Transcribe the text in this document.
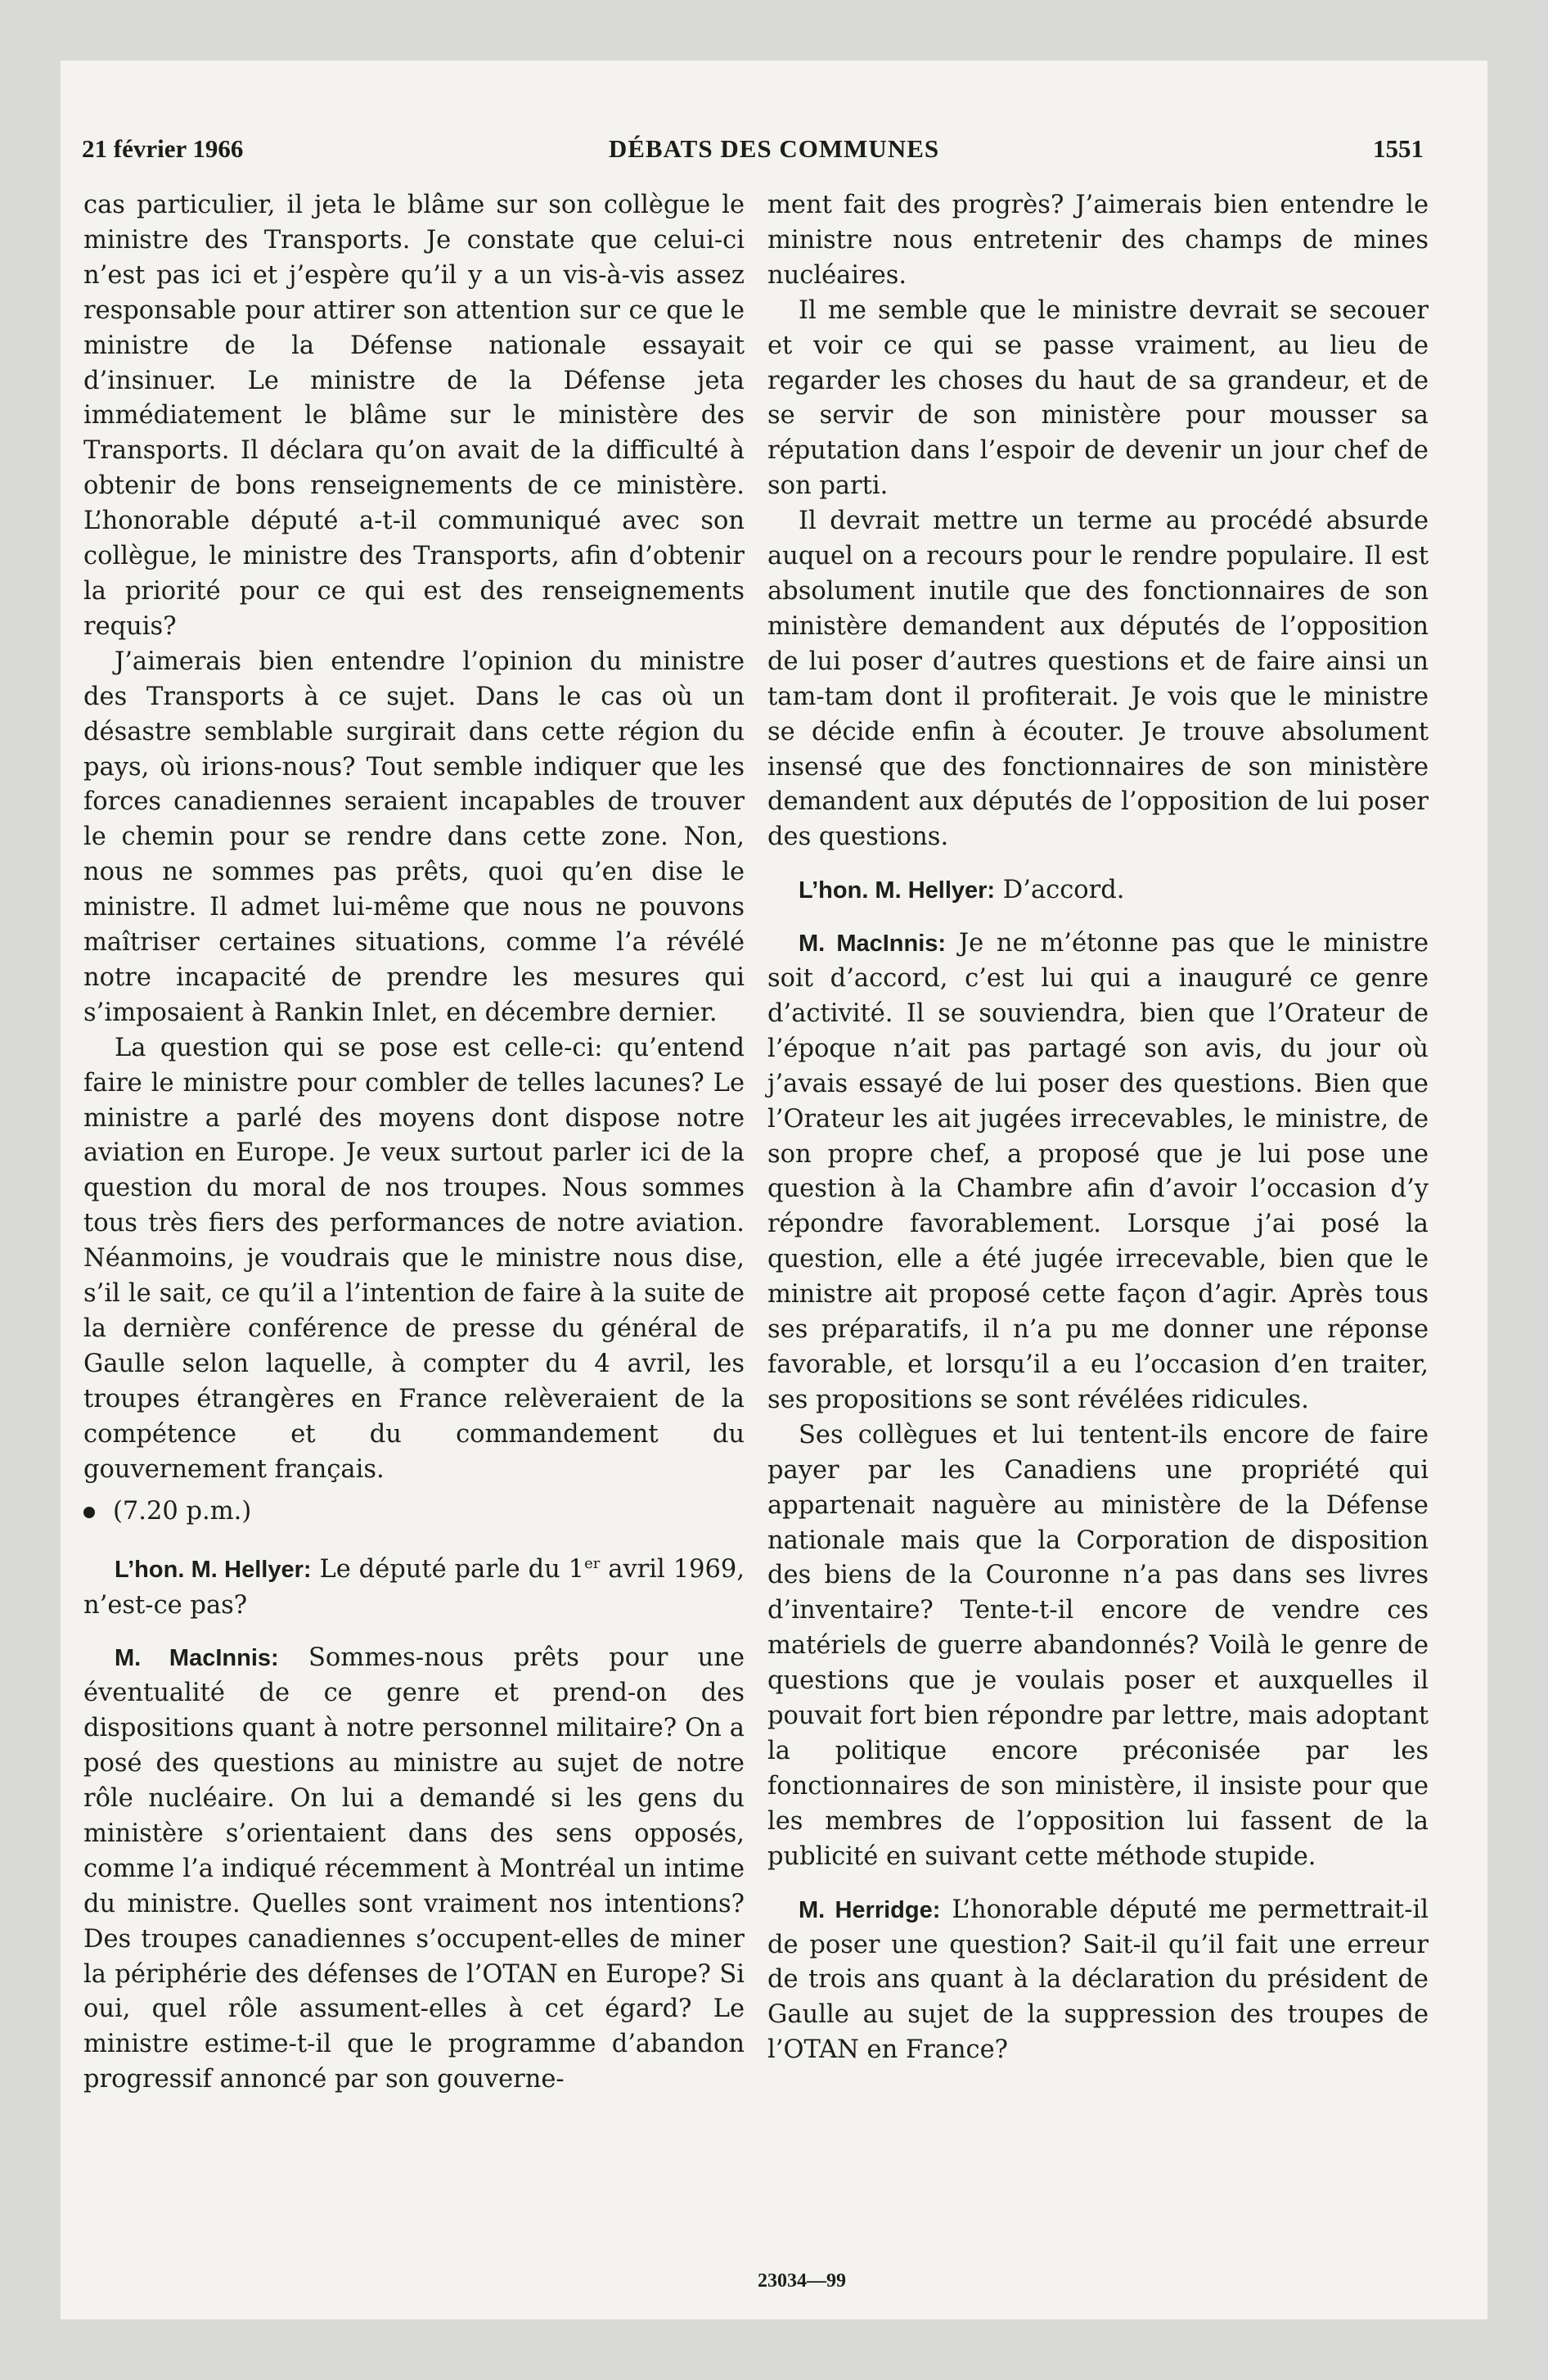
21 février 1966	DÉBATS DES COMMUNES	1551

cas particulier, il jeta le blâme sur son collègue le ministre des Transports. Je constate que celui-ci n’est pas ici et j’espère qu’il y a un vis-à-vis assez responsable pour attirer son attention sur ce que le ministre de la Défense nationale essayait d’insinuer. Le ministre de la Défense jeta immédiatement le blâme sur le ministère des Transports. Il déclara qu’on avait de la difficulté à obtenir de bons renseignements de ce ministère. L’honorable député a-t-il communiqué avec son collègue, le ministre des Transports, afin d’obtenir la priorité pour ce qui est des renseignements requis?

J’aimerais bien entendre l’opinion du ministre des Transports à ce sujet. Dans le cas où un désastre semblable surgirait dans cette région du pays, où irions-nous? Tout semble indiquer que les forces canadiennes seraient incapables de trouver le chemin pour se rendre dans cette zone. Non, nous ne sommes pas prêts, quoi qu’en dise le ministre. Il admet lui-même que nous ne pouvons maîtriser certaines situations, comme l’a révélé notre incapacité de prendre les mesures qui s’imposaient à Rankin Inlet, en décembre dernier.

La question qui se pose est celle-ci: qu’entend faire le ministre pour combler de telles lacunes? Le ministre a parlé des moyens dont dispose notre aviation en Europe. Je veux surtout parler ici de la question du moral de nos troupes. Nous sommes tous très fiers des performances de notre aviation. Néanmoins, je voudrais que le ministre nous dise, s’il le sait, ce qu’il a l’intention de faire à la suite de la dernière conférence de presse du général de Gaulle selon laquelle, à compter du 4 avril, les troupes étrangères en France relèveraient de la compétence et du commandement du gouvernement français.

(7.20 p.m.)

L’hon. M. Hellyer: Le député parle du 1er avril 1969, n’est-ce pas?

M. MacInnis: Sommes-nous prêts pour une éventualité de ce genre et prend-on des dispositions quant à notre personnel militaire? On a posé des questions au ministre au sujet de notre rôle nucléaire. On lui a demandé si les gens du ministère s’orientaient dans des sens opposés, comme l’a indiqué récemment à Montréal un intime du ministre. Quelles sont vraiment nos intentions? Des troupes canadiennes s’occupent-elles de miner la périphérie des défenses de l’OTAN en Europe? Si oui, quel rôle assument-elles à cet égard? Le ministre estime-t-il que le programme d’abandon progressif annoncé par son gouverne-

ment fait des progrès? J’aimerais bien entendre le ministre nous entretenir des champs de mines nucléaires.

Il me semble que le ministre devrait se secouer et voir ce qui se passe vraiment, au lieu de regarder les choses du haut de sa grandeur, et de se servir de son ministère pour mousser sa réputation dans l’espoir de devenir un jour chef de son parti.

Il devrait mettre un terme au procédé absurde auquel on a recours pour le rendre populaire. Il est absolument inutile que des fonctionnaires de son ministère demandent aux députés de l’opposition de lui poser d’autres questions et de faire ainsi un tam-tam dont il profiterait. Je vois que le ministre se décide enfin à écouter. Je trouve absolument insensé que des fonctionnaires de son ministère demandent aux députés de l’opposition de lui poser des questions.

L’hon. M. Hellyer: D’accord.

M. MacInnis: Je ne m’étonne pas que le ministre soit d’accord, c’est lui qui a inauguré ce genre d’activité. Il se souviendra, bien que l’Orateur de l’époque n’ait pas partagé son avis, du jour où j’avais essayé de lui poser des questions. Bien que l’Orateur les ait jugées irrecevables, le ministre, de son propre chef, a proposé que je lui pose une question à la Chambre afin d’avoir l’occasion d’y répondre favorablement. Lorsque j’ai posé la question, elle a été jugée irrecevable, bien que le ministre ait proposé cette façon d’agir. Après tous ses préparatifs, il n’a pu me donner une réponse favorable, et lorsqu’il a eu l’occasion d’en traiter, ses propositions se sont révélées ridicules.

Ses collègues et lui tentent-ils encore de faire payer par les Canadiens une propriété qui appartenait naguère au ministère de la Défense nationale mais que la Corporation de disposition des biens de la Couronne n’a pas dans ses livres d’inventaire? Tente-t-il encore de vendre ces matériels de guerre abandonnés? Voilà le genre de questions que je voulais poser et auxquelles il pouvait fort bien répondre par lettre, mais adoptant la politique encore préconisée par les fonctionnaires de son ministère, il insiste pour que les membres de l’opposition lui fassent de la publicité en suivant cette méthode stupide.

M. Herridge: L’honorable député me permettrait-il de poser une question? Sait-il qu’il fait une erreur de trois ans quant à la déclaration du président de Gaulle au sujet de la suppression des troupes de l’OTAN en France?

23034—99
